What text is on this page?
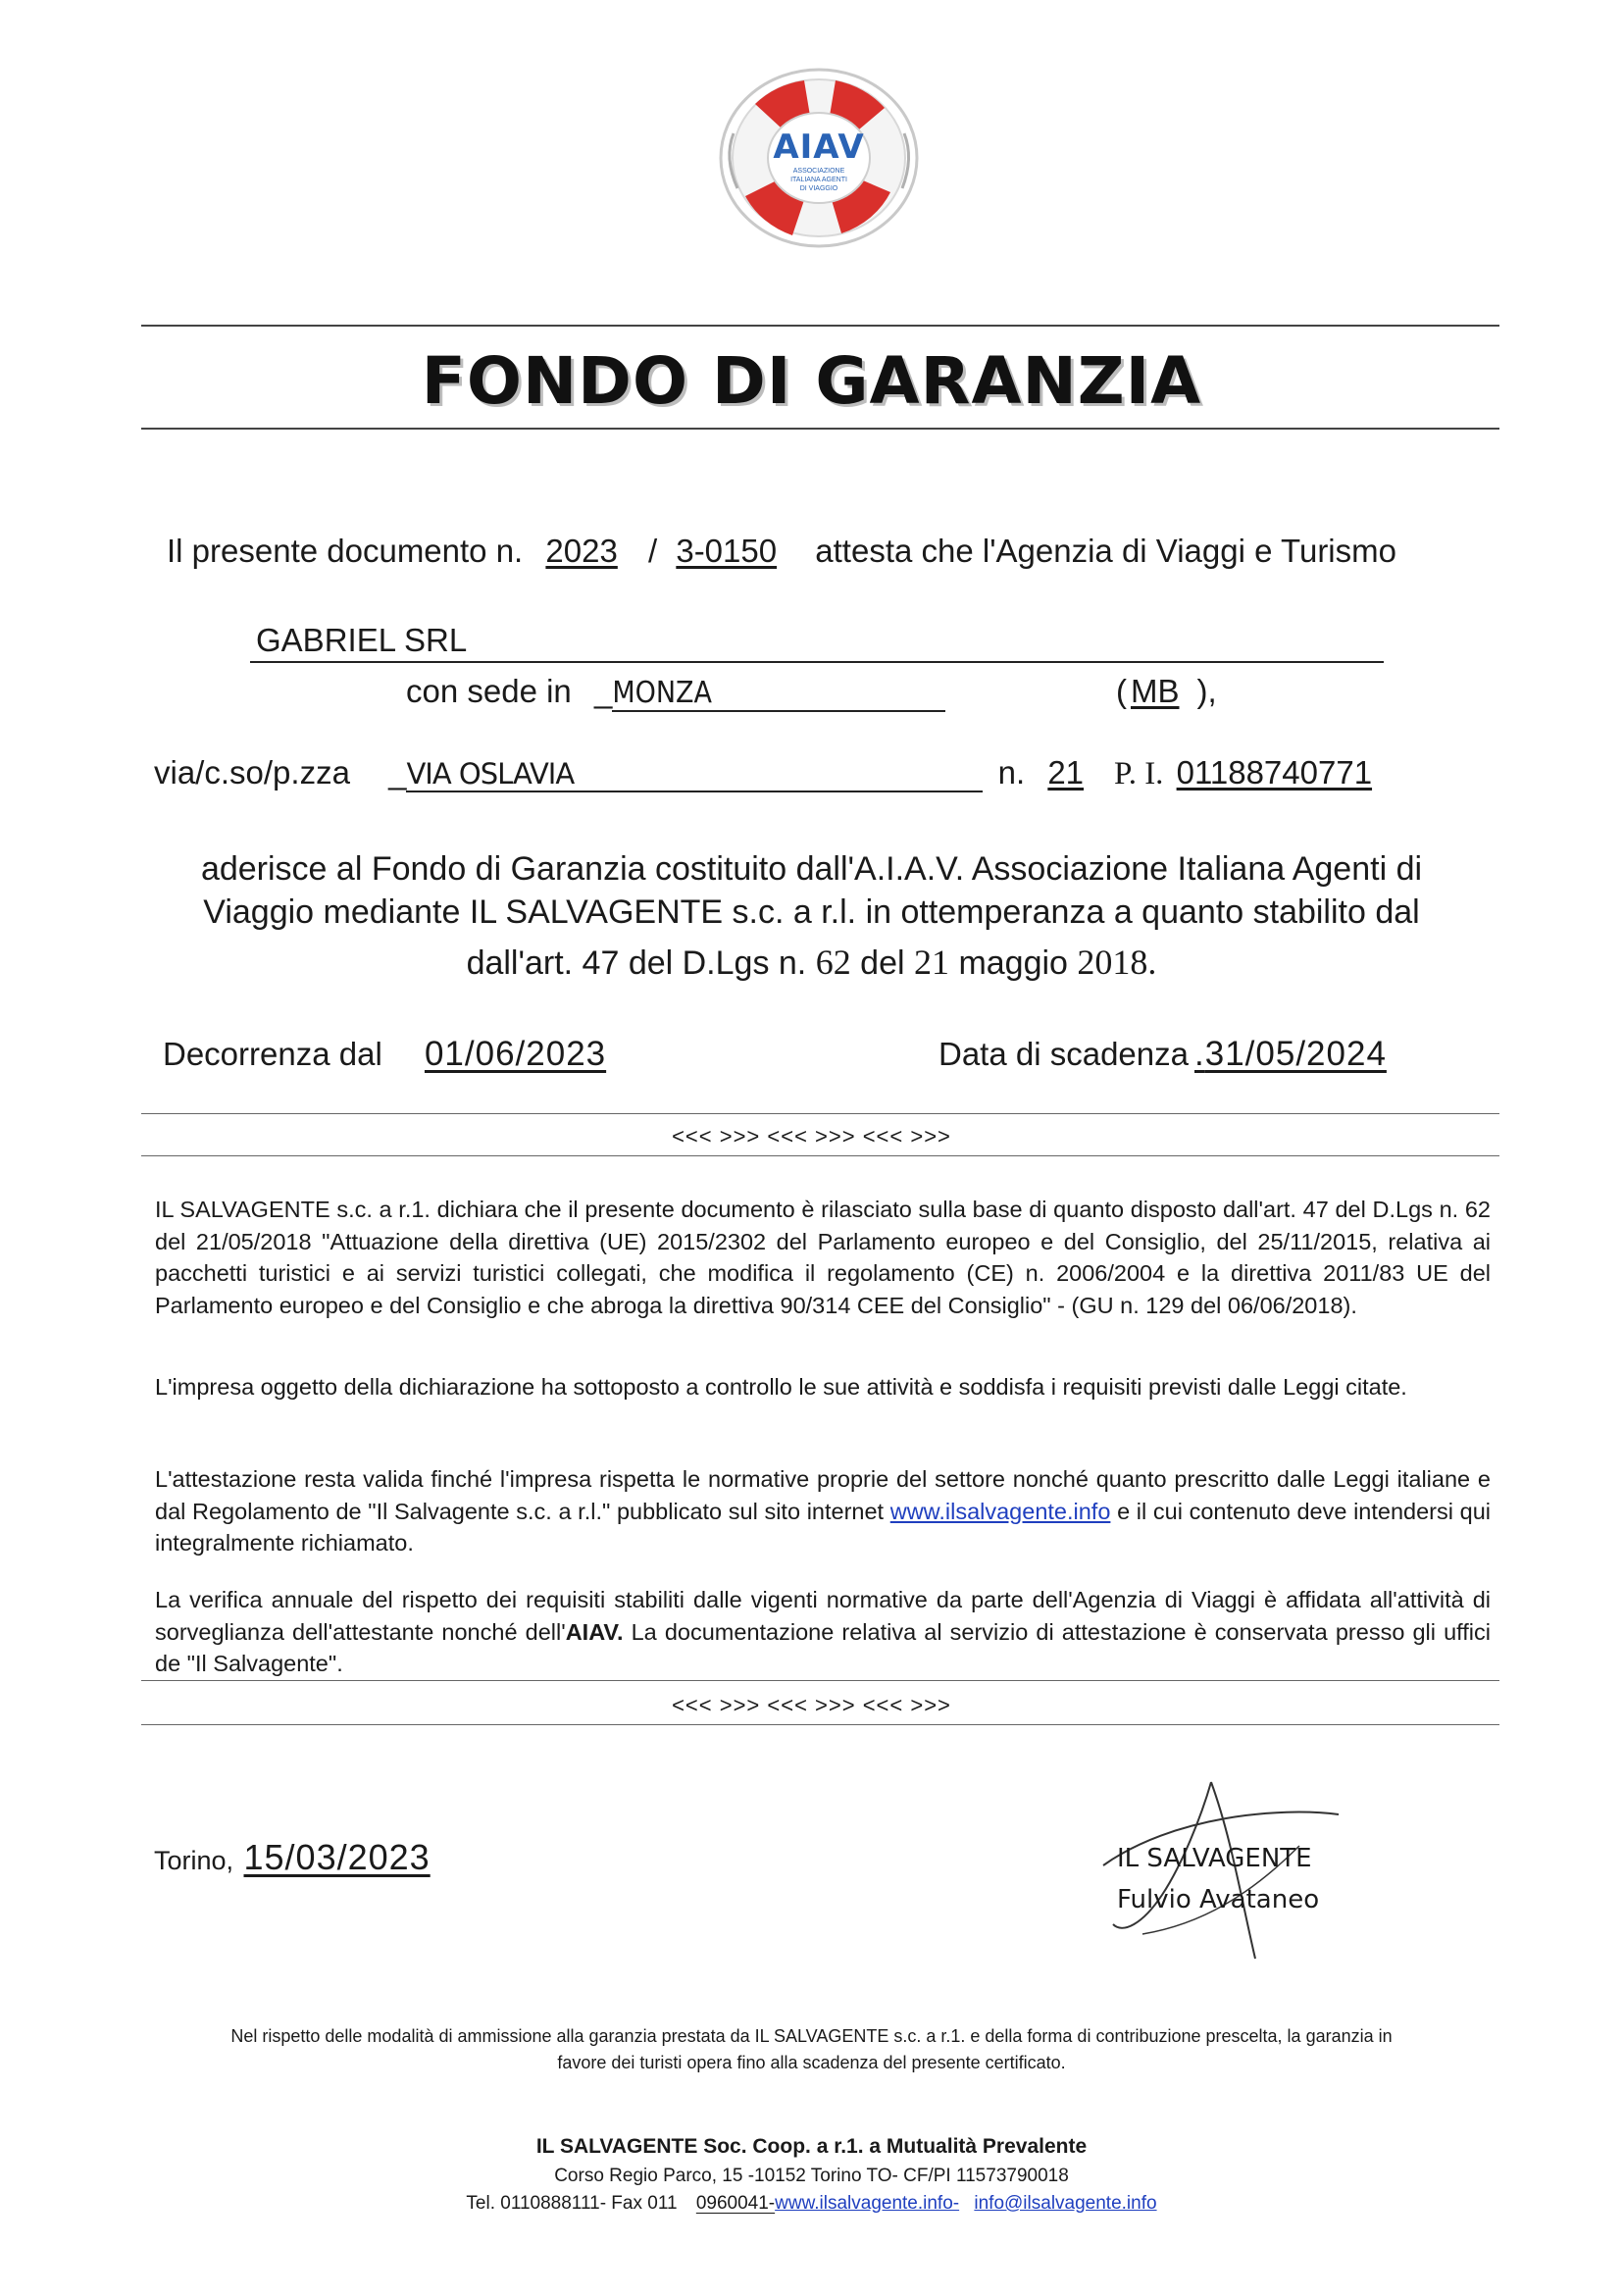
AIAV
ASSOCIAZIONE ITALIANA AGENTI DI VIAGGIO
FONDO DI GARANZIA
Il presente documento n. 2023 / 3-0150 attesta che l'Agenzia di Viaggi e Turismo
GABRIEL SRL
con sede in _MONZA	( MB ),
via/c.so/p.zza _VIA OSLAVIA	n. 21 P. I. 01188740771
aderisce al Fondo di Garanzia costituito dall'A.I.A.V. Associazione Italiana Agenti di
Viaggio mediante IL SALVAGENTE s.c. a r.l. in ottemperanza a quanto stabilito dal
dall'art. 47 del D.Lgs n. 62 del 21 maggio 2018.
Decorrenza dal 01/06/2023	Data di scadenza .31/05/2024
<<< >>> <<< >>> <<< >>>
IL SALVAGENTE s.c. a r.1. dichiara che il presente documento è rilasciato sulla base di quanto disposto dall'art. 47 del D.Lgs n. 62 del 21/05/2018 "Attuazione della direttiva (UE) 2015/2302 del Parlamento europeo e del Consiglio, del 25/11/2015, relativa ai pacchetti turistici e ai servizi turistici collegati, che modifica il regolamento (CE) n. 2006/2004 e la direttiva 2011/83 UE del Parlamento europeo e del Consiglio e che abroga la direttiva 90/314 CEE del Consiglio" - (GU n. 129 del 06/06/2018).
L'impresa oggetto della dichiarazione ha sottoposto a controllo le sue attività e soddisfa i requisiti previsti dalle Leggi citate.
L'attestazione resta valida finché l'impresa rispetta le normative proprie del settore nonché quanto prescritto dalle Leggi italiane e dal Regolamento de "Il Salvagente s.c. a r.l." pubblicato sul sito internet www.ilsalvagente.info e il cui contenuto deve intendersi qui integralmente richiamato.
La verifica annuale del rispetto dei requisiti stabiliti dalle vigenti normative da parte dell'Agenzia di Viaggi è affidata all'attività di sorveglianza dell'attestante nonché dell'AIAV. La documentazione relativa al servizio di attestazione è conservata presso gli uffici de "Il Salvagente".
<<< >>> <<< >>> <<< >>>
Torino, 15/03/2023	IL SALVAGENTE
Fulvio Avataneo
Nel rispetto delle modalità di ammissione alla garanzia prestata da IL SALVAGENTE s.c. a r.1. e della forma di contribuzione prescelta, la garanzia in
favore dei turisti opera fino alla scadenza del presente certificato.
IL SALVAGENTE Soc. Coop. a r.1. a Mutualità Prevalente
Corso Regio Parco, 15 -10152 Torino TO- CF/PI 11573790018
Tel. 0110888111- Fax 011 0960041-www.ilsalvagente.info- info@ilsalvagente.info
